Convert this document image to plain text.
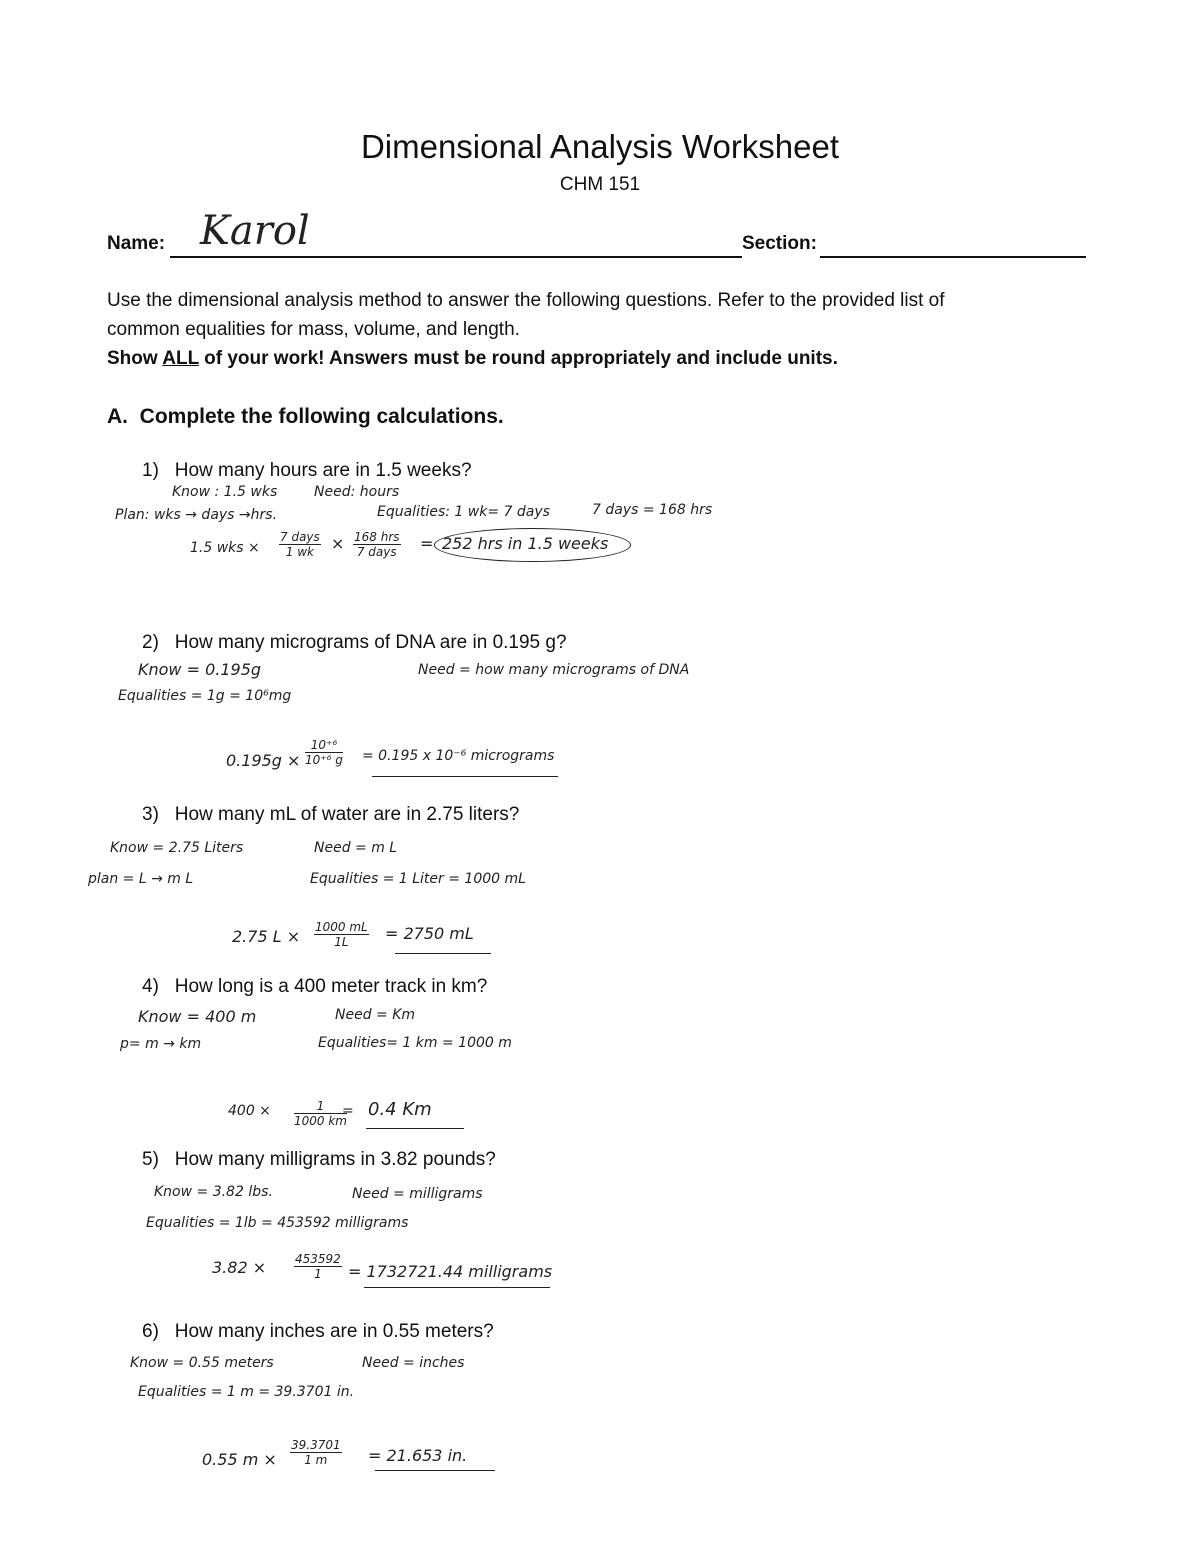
Dimensional Analysis Worksheet
CHM 151
Name: Karol	Section:
Use the dimensional analysis method to answer the following questions. Refer to the provided list of
common equalities for mass, volume, and length.
Show ALL of your work! Answers must be round appropriately and include units.
A. Complete the following calculations.
1) How many hours are in 1.5 weeks?
Know : 1.5 wks	Need: hours
Plan: wks → days →hrs.	Equalities: 1 wk= 7 days	7 days = 168 hrs
1.5 wks ×
7 days
1 wk	× 168 hrs
7 days = 252 hrs in 1.5 weeks
2) How many micrograms of DNA are in 0.195 g?
Know = 0.195g	Need = how many micrograms of DNA
Equalities = 1g = 10⁶mg
$0.195g \times \frac{\text{10⁺⁶}}{\text{10⁺⁶ g}} = 0.195$ x 10⁻⁶ micrograms
3) How many mL of water are in 2.75 liters?
Know = 2.75 Liters	Need = m L
plan = L → m L	Equalities = 1 Liter = 1000 mL
2.75 $L \times \frac{1000 mL}{1L} = 2750$ mL
4) How long is a 400 meter track in km?
Know = 400 m	Need = Km
p= m → km	Equalities= 1 km = 1000 m
$400 \times \frac{1}{1000 km}$
= 0.4 Km
5) How many milligrams in 3.82 pounds?
Know = 3.82 lbs.	Need = milligrams
Equalities = 1lb = 453592 milligrams
$3.82 \times \frac{453592}{1} = 1732721.44$ milligrams
6) How many inches are in 0.55 meters?
Know = 0.55 meters	Need = inches
Equalities = 1 m = 39.3701 in.
0.55 $m \times \frac{39.3701}{1 m} = 21.653$ in.
